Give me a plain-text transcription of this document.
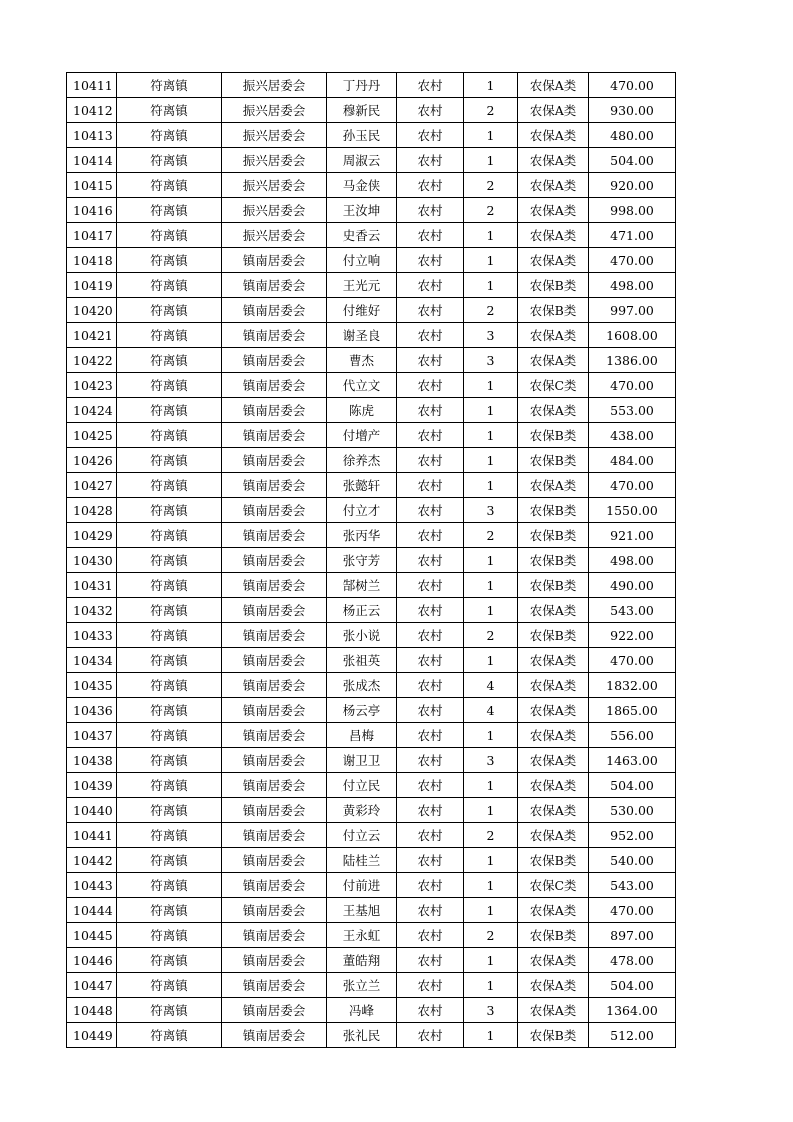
10411	符离镇	振兴居委会	丁丹丹	农村	1	农保A类	470.00
10412	符离镇	振兴居委会	穆新民	农村	2	农保A类	930.00
10413	符离镇	振兴居委会	孙玉民	农村	1	农保A类	480.00
10414	符离镇	振兴居委会	周淑云	农村	1	农保A类	504.00
10415	符离镇	振兴居委会	马金侠	农村	2	农保A类	920.00
10416	符离镇	振兴居委会	王汝坤	农村	2	农保A类	998.00
10417	符离镇	振兴居委会	史香云	农村	1	农保A类	471.00
10418	符离镇	镇南居委会	付立响	农村	1	农保A类	470.00
10419	符离镇	镇南居委会	王光元	农村	1	农保B类	498.00
10420	符离镇	镇南居委会	付维好	农村	2	农保B类	997.00
10421	符离镇	镇南居委会	谢圣良	农村	3	农保A类	1608.00
10422	符离镇	镇南居委会	曹杰	农村	3	农保A类	1386.00
10423	符离镇	镇南居委会	代立文	农村	1	农保C类	470.00
10424	符离镇	镇南居委会	陈虎	农村	1	农保A类	553.00
10425	符离镇	镇南居委会	付增产	农村	1	农保B类	438.00
10426	符离镇	镇南居委会	徐养杰	农村	1	农保B类	484.00
10427	符离镇	镇南居委会	张懿轩	农村	1	农保A类	470.00
10428	符离镇	镇南居委会	付立才	农村	3	农保B类	1550.00
10429	符离镇	镇南居委会	张丙华	农村	2	农保B类	921.00
10430	符离镇	镇南居委会	张守芳	农村	1	农保B类	498.00
10431	符离镇	镇南居委会	郜树兰	农村	1	农保B类	490.00
10432	符离镇	镇南居委会	杨正云	农村	1	农保A类	543.00
10433	符离镇	镇南居委会	张小说	农村	2	农保B类	922.00
10434	符离镇	镇南居委会	张祖英	农村	1	农保A类	470.00
10435	符离镇	镇南居委会	张成杰	农村	4	农保A类	1832.00
10436	符离镇	镇南居委会	杨云亭	农村	4	农保A类	1865.00
10437	符离镇	镇南居委会	昌梅	农村	1	农保A类	556.00
10438	符离镇	镇南居委会	谢卫卫	农村	3	农保A类	1463.00
10439	符离镇	镇南居委会	付立民	农村	1	农保A类	504.00
10440	符离镇	镇南居委会	黄彩玲	农村	1	农保A类	530.00
10441	符离镇	镇南居委会	付立云	农村	2	农保A类	952.00
10442	符离镇	镇南居委会	陆桂兰	农村	1	农保B类	540.00
10443	符离镇	镇南居委会	付前进	农村	1	农保C类	543.00
10444	符离镇	镇南居委会	王基旭	农村	1	农保A类	470.00
10445	符离镇	镇南居委会	王永虹	农村	2	农保B类	897.00
10446	符离镇	镇南居委会	董皓翔	农村	1	农保A类	478.00
10447	符离镇	镇南居委会	张立兰	农村	1	农保A类	504.00
10448	符离镇	镇南居委会	冯峰	农村	3	农保A类	1364.00
10449	符离镇	镇南居委会	张礼民	农村	1	农保B类	512.00
